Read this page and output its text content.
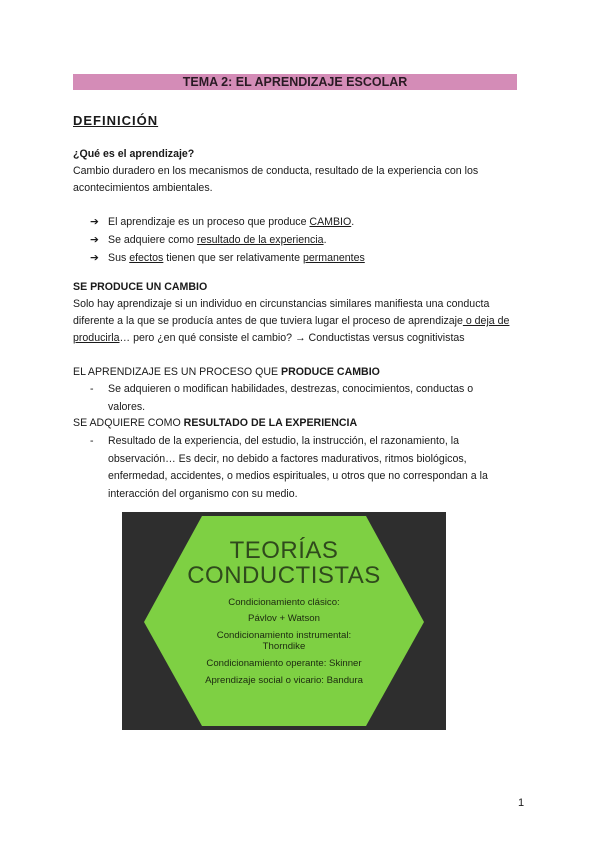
TEMA 2: EL APRENDIZAJE ESCOLAR
DEFINICIÓN
¿Qué es el aprendizaje?
Cambio duradero en los mecanismos de conducta, resultado de la experiencia con los
acontecimientos ambientales.
➔ El aprendizaje es un proceso que produce CAMBIO.
➔ Se adquiere como resultado de la experiencia.
➔ Sus efectos tienen que ser relativamente permanentes
SE PRODUCE UN CAMBIO
Solo hay aprendizaje si un individuo en circunstancias similares manifiesta una conducta
diferente a la que se producía antes de que tuviera lugar el proceso de aprendizaje o deja de
producirla… pero ¿en qué consiste el cambio? → Conductistas versus cognitivistas
EL APRENDIZAJE ES UN PROCESO QUE PRODUCE CAMBIO
- Se adquieren o modifican habilidades, destrezas, conocimientos, conductas o
valores.
SE ADQUIERE COMO RESULTADO DE LA EXPERIENCIA
- Resultado de la experiencia, del estudio, la instrucción, el razonamiento, la
observación… Es decir, no debido a factores madurativos, ritmos biológicos,
enfermedad, accidentes, o medios espirituales, u otros que no correspondan a la
interacción del organismo con su medio.
TEORÍAS
CONDUCTISTAS
Condicionamiento clásico:
Pávlov + Watson
Condicionamiento instrumental:
Thorndike
Condicionamiento operante: Skinner
Aprendizaje social o vicario: Bandura
1
